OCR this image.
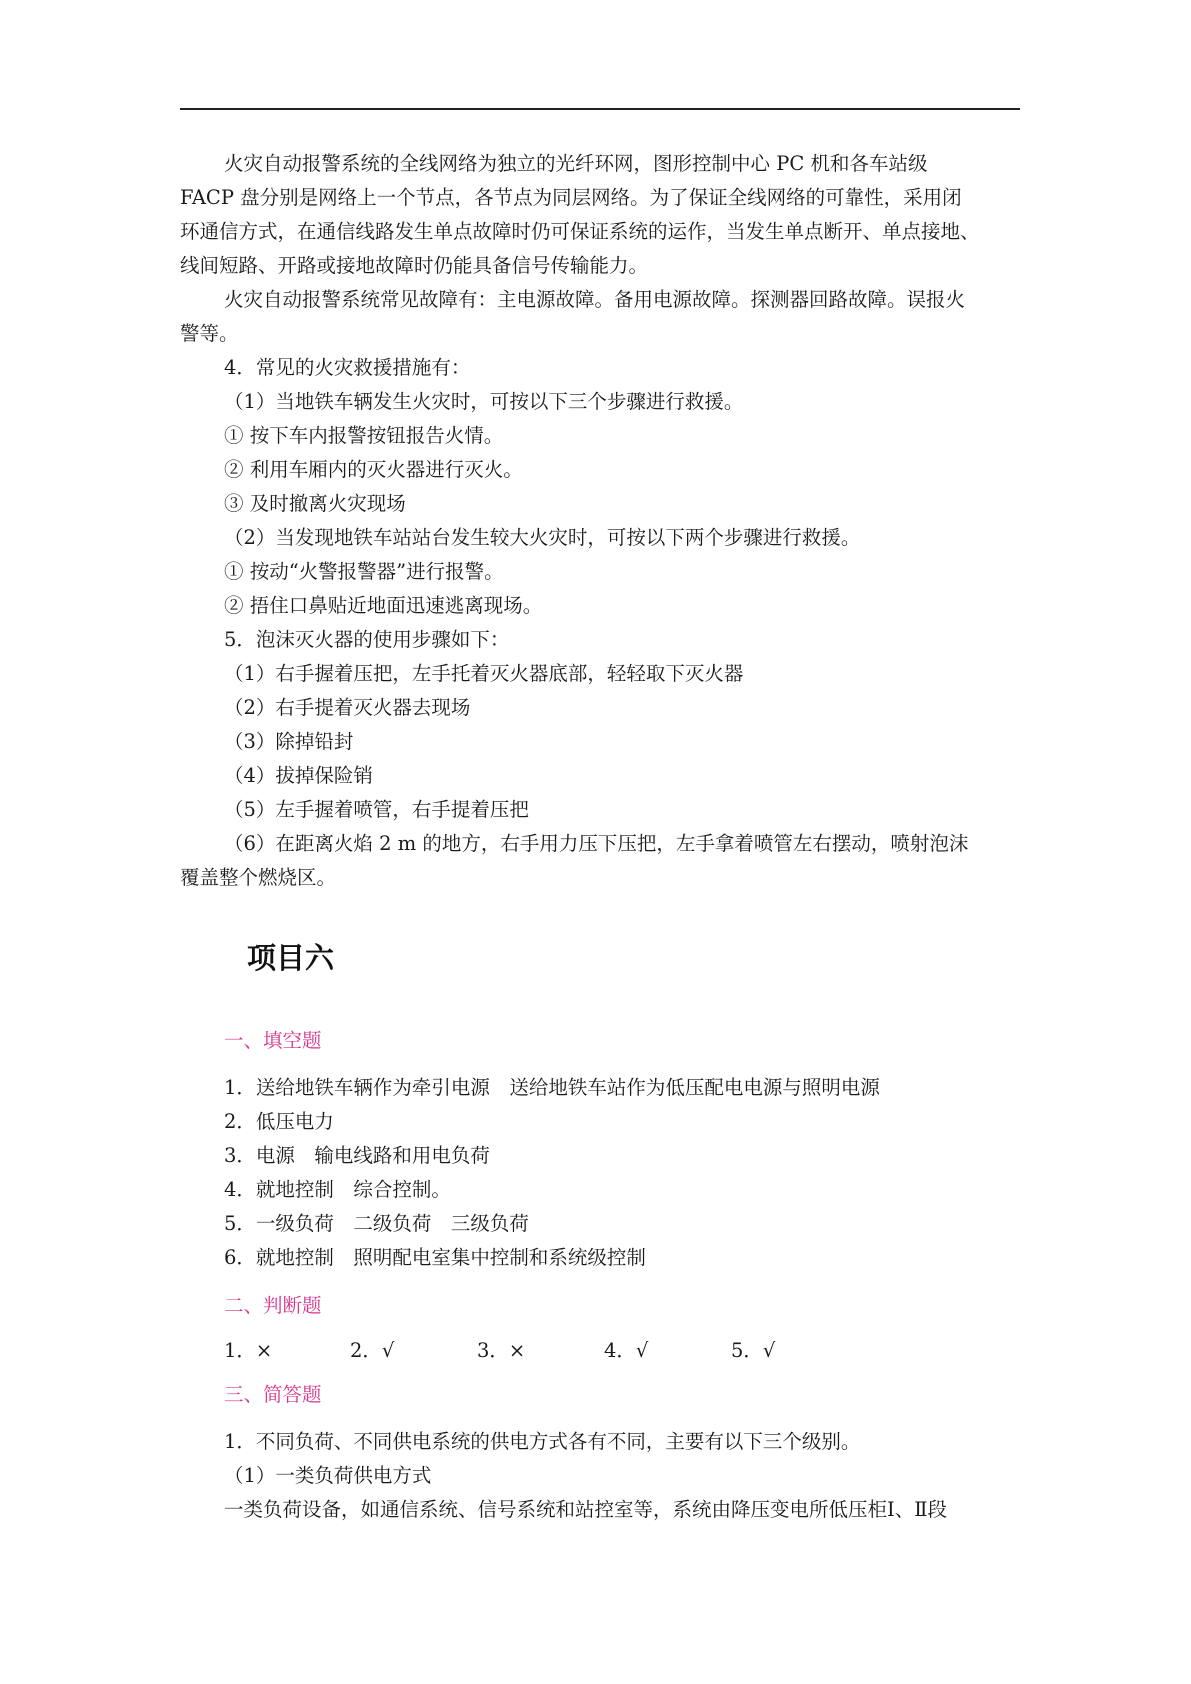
火灾自动报警系统的全线网络为独立的光纤环网，图形控制中心 PC 机和各车站级
FACP 盘分别是网络上一个节点，各节点为同层网络。为了保证全线网络的可靠性，采用闭
环通信方式，在通信线路发生单点故障时仍可保证系统的运作，当发生单点断开、单点接地、
线间短路、开路或接地故障时仍能具备信号传输能力。
火灾自动报警系统常见故障有：主电源故障。备用电源故障。探测器回路故障。误报火
警等。
4．常见的火灾救援措施有：
（1）当地铁车辆发生火灾时，可按以下三个步骤进行救援。
① 按下车内报警按钮报告火情。
② 利用车厢内的灭火器进行灭火。
③ 及时撤离火灾现场
（2）当发现地铁车站站台发生较大火灾时，可按以下两个步骤进行救援。
① 按动“火警报警器”进行报警。
② 捂住口鼻贴近地面迅速逃离现场。
5．泡沫灭火器的使用步骤如下：
（1）右手握着压把，左手托着灭火器底部，轻轻取下灭火器
（2）右手提着灭火器去现场
（3）除掉铅封
（4）拔掉保险销
（5）左手握着喷管，右手提着压把
（6）在距离火焰 2 m 的地方，右手用力压下压把，左手拿着喷管左右摆动，喷射泡沫
覆盖整个燃烧区。
项目六
一、填空题
1．送给地铁车辆作为牵引电源　送给地铁车站作为低压配电电源与照明电源
2．低压电力
3．电源　输电线路和用电负荷
4．就地控制　综合控制。
5．一级负荷　二级负荷　三级负荷
6．就地控制　照明配电室集中控制和系统级控制
二、判断题
1．×	2．√	3．×	4．√	5．√
三、简答题
1．不同负荷、不同供电系统的供电方式各有不同，主要有以下三个级别。
（1）一类负荷供电方式
一类负荷设备，如通信系统、信号系统和站控室等，系统由降压变电所低压柜Ⅰ、Ⅱ段
